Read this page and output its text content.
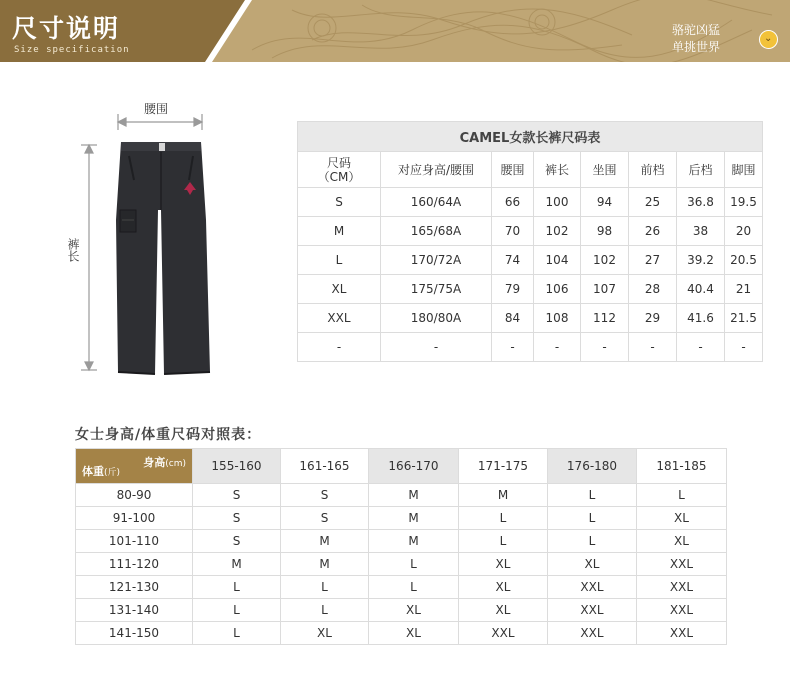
尺寸说明
Size specification
骆驼凶猛
单挑世界
⌄
腰围
裤长
CAMEL女款长裤尺码表							

尺码
（CM）	对应身高/腰围	腰围	裤长	坐围	前档	后档	脚围
S	160/64A	66	100	94	25	36.8	19.5
M	165/68A	70	102	98	26	38	20
L	170/72A	74	104	102	27	39.2	20.5
XL	175/75A	79	106	107	28	40.4	21
XXL	180/80A	84	108	112	29	41.6	21.5
-	-	-	-	-	-	-	-
女士身高/体重尺码对照表：
身高(cm)
体重(斤)	155-160	161-165	166-170	171-175	176-180	181-185
80-90	S	S	M	M	L	L
91-100	S	S	M	L	L	XL
101-110	S	M	M	L	L	XL
111-120	M	M	L	XL	XL	XXL
121-130	L	L	L	XL	XXL	XXL
131-140	L	L	XL	XL	XXL	XXL
141-150	L	XL	XL	XXL	XXL	XXL
